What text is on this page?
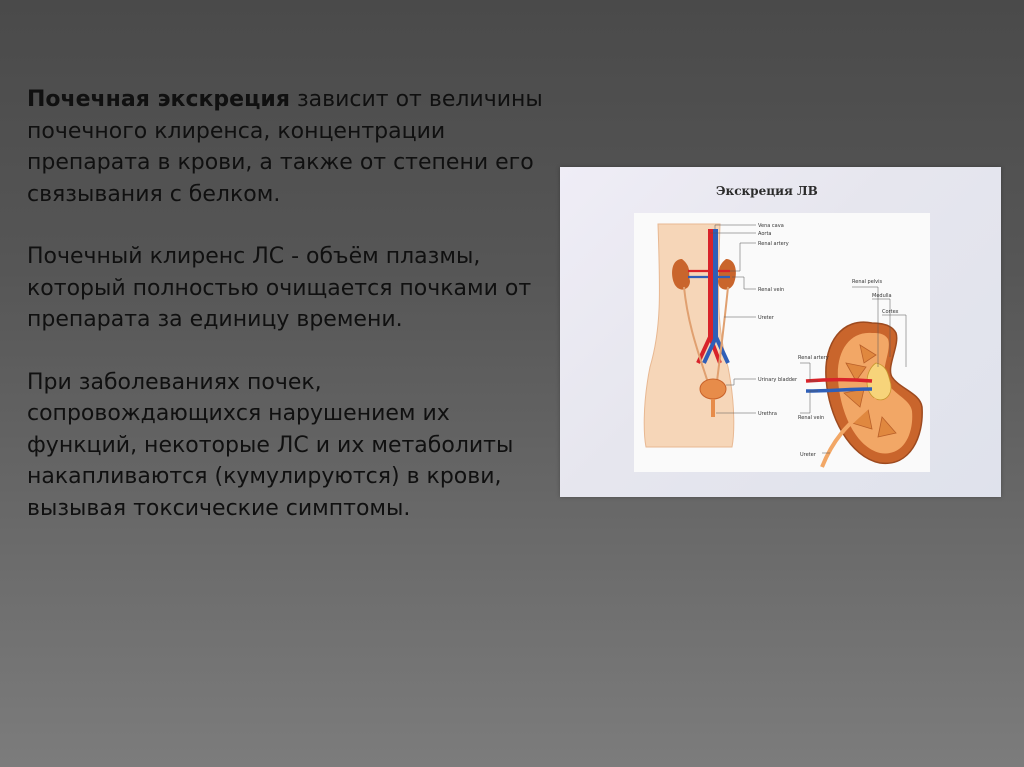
Почечная экскреция зависит от величины почечного клиренса, концентрации препарата в крови, а также от степени его связывания с белком.

Почечный клиренс ЛС - объём плазмы, который полностью очищается почками от препарата за единицу времени.

При заболеваниях почек, сопровождающихся нарушением их функций, некоторые ЛС и их метаболиты накапливаются (кумулируются) в крови, вызывая токсические симптомы.

Экскреция ЛВ
Vena cava
Aorta
Renal artery
Renal vein
Ureter
Urinary bladder
Urethra
Renal pelvis
Medulla
Cortex
Renal artery
Renal vein
Ureter
